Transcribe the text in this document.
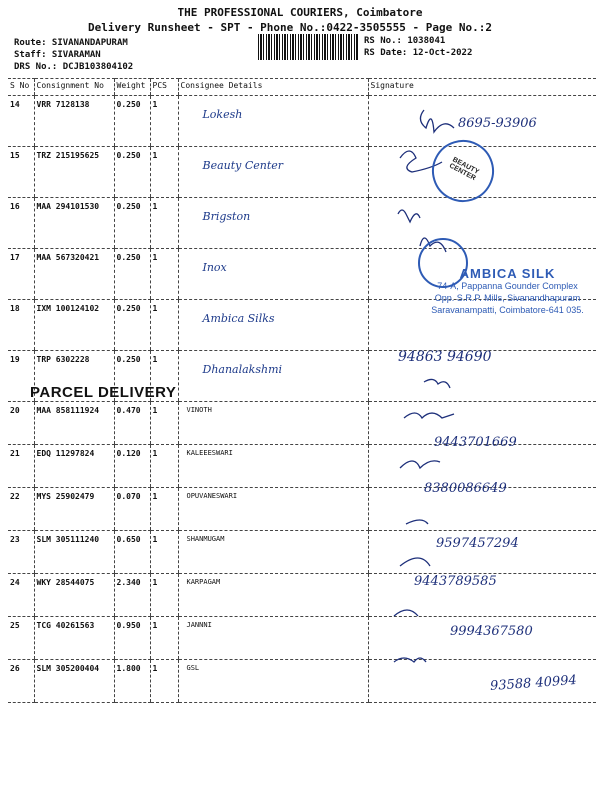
THE PROFESSIONAL COURIERS, Coimbatore
Delivery Runsheet - SPT - Phone No.:0422-3505555 - Page No.:2
Route: SIVANANDAPURAM
Staff: SIVARAMAN
DRS No.: DCJB103804102
RS No.: 1038041
RS Date: 12-Oct-2022
S No	Consignment No	Weight	PCS	Consignee Details	Signature
14	VRR 7128138	0.250	1	Lokesh	
15	TRZ 215195625	0.250	1	Beauty Center	
16	MAA 294101530	0.250	1	Brigston	
17	MAA 567320421	0.250	1	Inox	
18	IXM 100124102	0.250	1	Ambica Silks	
19	TRP 6302228	0.250	1	Dhanalakshmi	
20	MAA 858111924	0.470	1	VINOTH	
21	EDQ 11297824	0.120	1	KALEEESWARI	
22	MYS 25902479	0.070	1	OPUVANESWARI	
23	SLM 305111240	0.650	1	SHANMUGAM	
24	WKY 28544075	2.340	1	KARPAGAM	
25	TCG 40261563	0.950	1	JANNNI	
26	SLM 305200404	1.800	1	GSL	
8695-93906
94863 94690
9443701669
8380086649
9597457294
9443789585
9994367580
93588 40994
BEAUTY CENTER
AMBICA SILK
74-A, Pappanna Gounder Complex
Opp. S.R.P. Mills, Sivanandhapuram
Saravanampatti, Coimbatore-641 035.
PARCEL DELIVERY
